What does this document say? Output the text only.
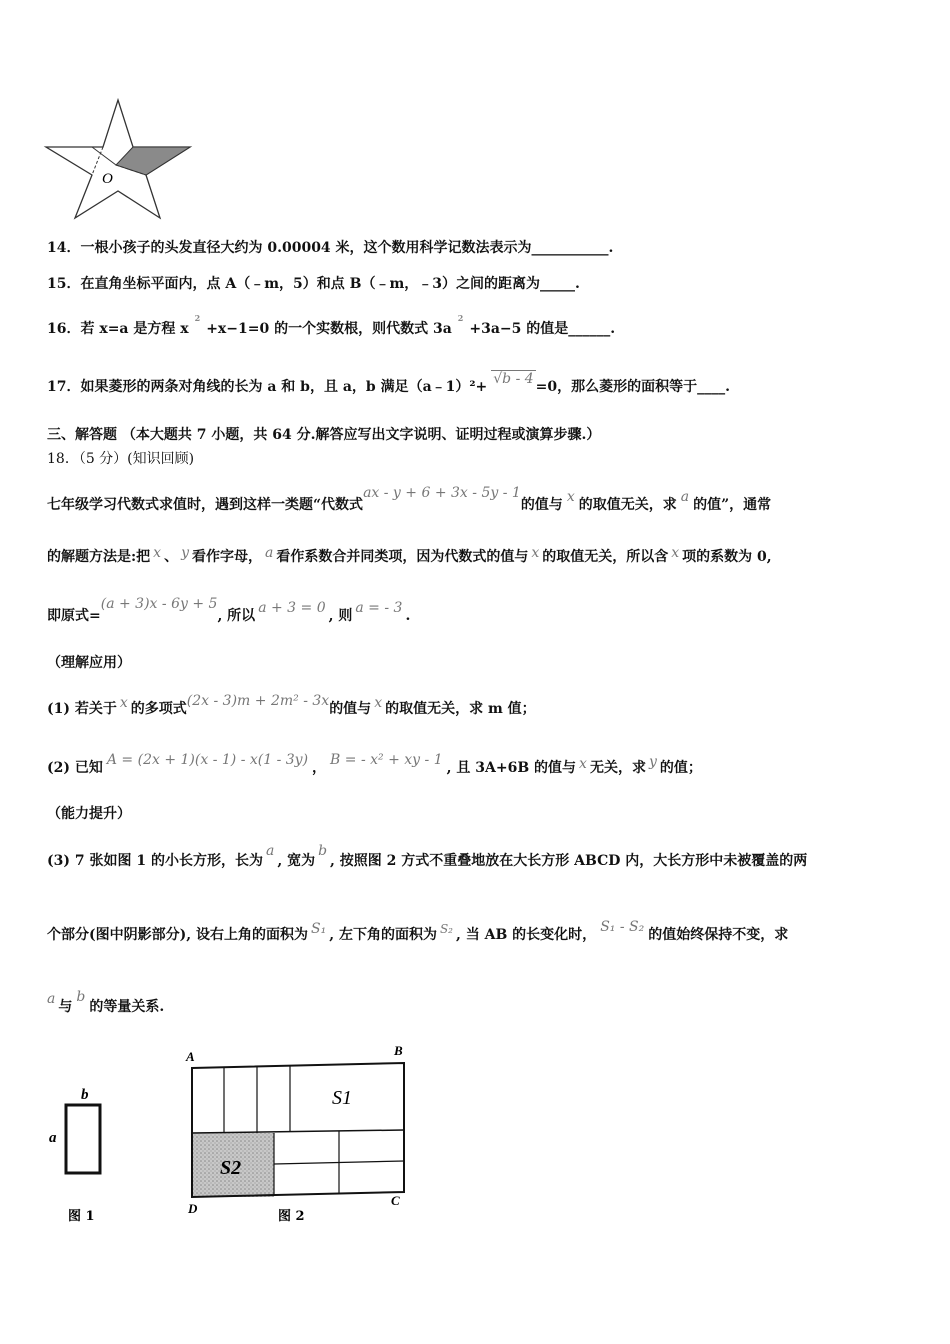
O
14．一根小孩子的头发直径大约为 0.00004 米，这个数用科学记数法表示为___________.
15．在直角坐标平面内，点 A（﹣m，5）和点 B（﹣m，﹣3）之间的距离为_____.
16．若 x=a 是方程 $x^2+x-1=0$ 的一个实数根，则代数式 $3a^2+3a-5$ 的值是______.
17．如果菱形的两条对角线的长为 a 和 b，且 a，b 满足（a﹣1）²+ √b - 4 =0，那么菱形的面积等于____.
三、解答题 （本大题共 7 小题，共 64 分.解答应写出文字说明、证明过程或演算步骤.）
18．（5 分）(知识回顾)
七年级学习代数式求值时，遇到这样一类题“代数式ax - y + 6 + 3x - 5y - 1的值与 x 的取值无关，求 a 的值”，通常
的解题方法是:把 x 、 y 看作字母， a 看作系数合并同类项，因为代数式的值与 x 的取值无关，所以含 x 项的系数为 0,
即原式=(a + 3)x - 6y + 5, 所以 a + 3 = 0 , 则 a = - 3 .
（理解应用）
(1) 若关于 x 的多项式(2x - 3)m + 2m² - 3x的值与 x 的取值无关，求 m 值；
(2) 已知 A = (2x + 1)(x - 1) - x(1 - 3y) ， B = - x² + xy - 1 , 且 3A+6B 的值与 x 无关，求 y 的值；
（能力提升）
(3) 7 张如图 1 的小长方形，长为a, 宽为b, 按照图 2 方式不重叠地放在大长方形 ABCD 内，大长方形中未被覆盖的两
个部分(图中阴影部分), 设右上角的面积为 S₁ , 左下角的面积为 S₂ , 当 AB 的长变化时， S₁ - S₂ 的值始终保持不变，求
a 与b的等量关系.
b
a
图 1
A	B
C
D
S1
S2
图 2
